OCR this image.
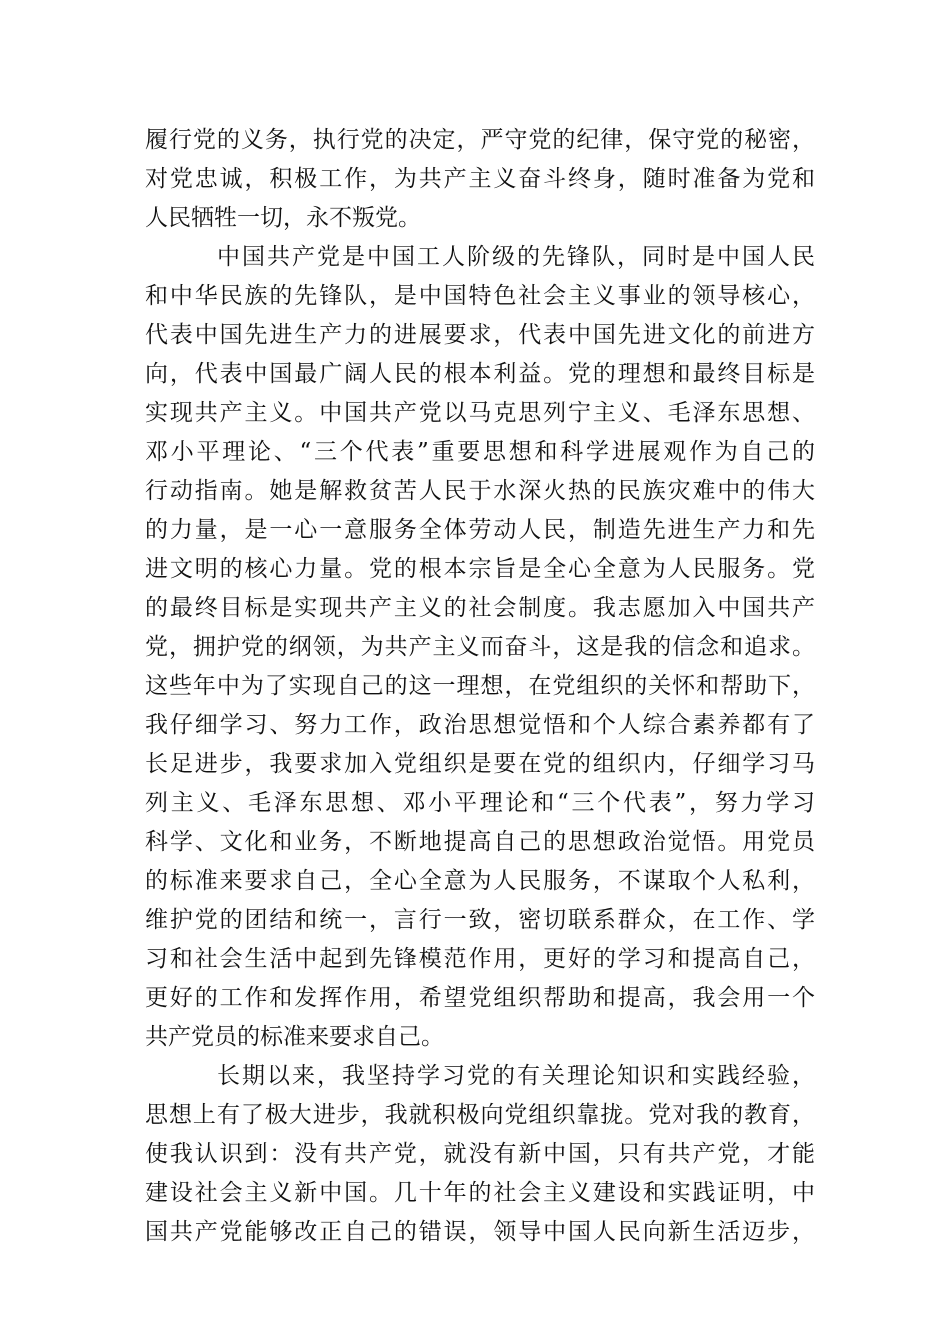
履行党的义务，执行党的决定，严守党的纪律，保守党的秘密，
对党忠诚，积极工作，为共产主义奋斗终身，随时准备为党和
人民牺牲一切，永不叛党。
中国共产党是中国工人阶级的先锋队，同时是中国人民
和中华民族的先锋队，是中国特色社会主义事业的领导核心，
代表中国先进生产力的进展要求，代表中国先进文化的前进方
向，代表中国最广阔人民的根本利益。党的理想和最终目标是
实现共产主义。中国共产党以马克思列宁主义、毛泽东思想、
邓小平理论、“三个代表”重要思想和科学进展观作为自己的
行动指南。她是解救贫苦人民于水深火热的民族灾难中的伟大
的力量，是一心一意服务全体劳动人民，制造先进生产力和先
进文明的核心力量。党的根本宗旨是全心全意为人民服务。党
的最终目标是实现共产主义的社会制度。我志愿加入中国共产
党，拥护党的纲领，为共产主义而奋斗，这是我的信念和追求。
这些年中为了实现自己的这一理想，在党组织的关怀和帮助下，
我仔细学习、努力工作，政治思想觉悟和个人综合素养都有了
长足进步，我要求加入党组织是要在党的组织内，仔细学习马
列主义、毛泽东思想、邓小平理论和“三个代表”，努力学习
科学、文化和业务，不断地提高自己的思想政治觉悟。用党员
的标准来要求自己，全心全意为人民服务，不谋取个人私利，
维护党的团结和统一，言行一致，密切联系群众，在工作、学
习和社会生活中起到先锋模范作用，更好的学习和提高自己，
更好的工作和发挥作用，希望党组织帮助和提高，我会用一个
共产党员的标准来要求自己。
长期以来，我坚持学习党的有关理论知识和实践经验，
思想上有了极大进步，我就积极向党组织靠拢。党对我的教育，
使我认识到：没有共产党，就没有新中国，只有共产党，才能
建设社会主义新中国。几十年的社会主义建设和实践证明，中
国共产党能够改正自己的错误，领导中国人民向新生活迈步，
